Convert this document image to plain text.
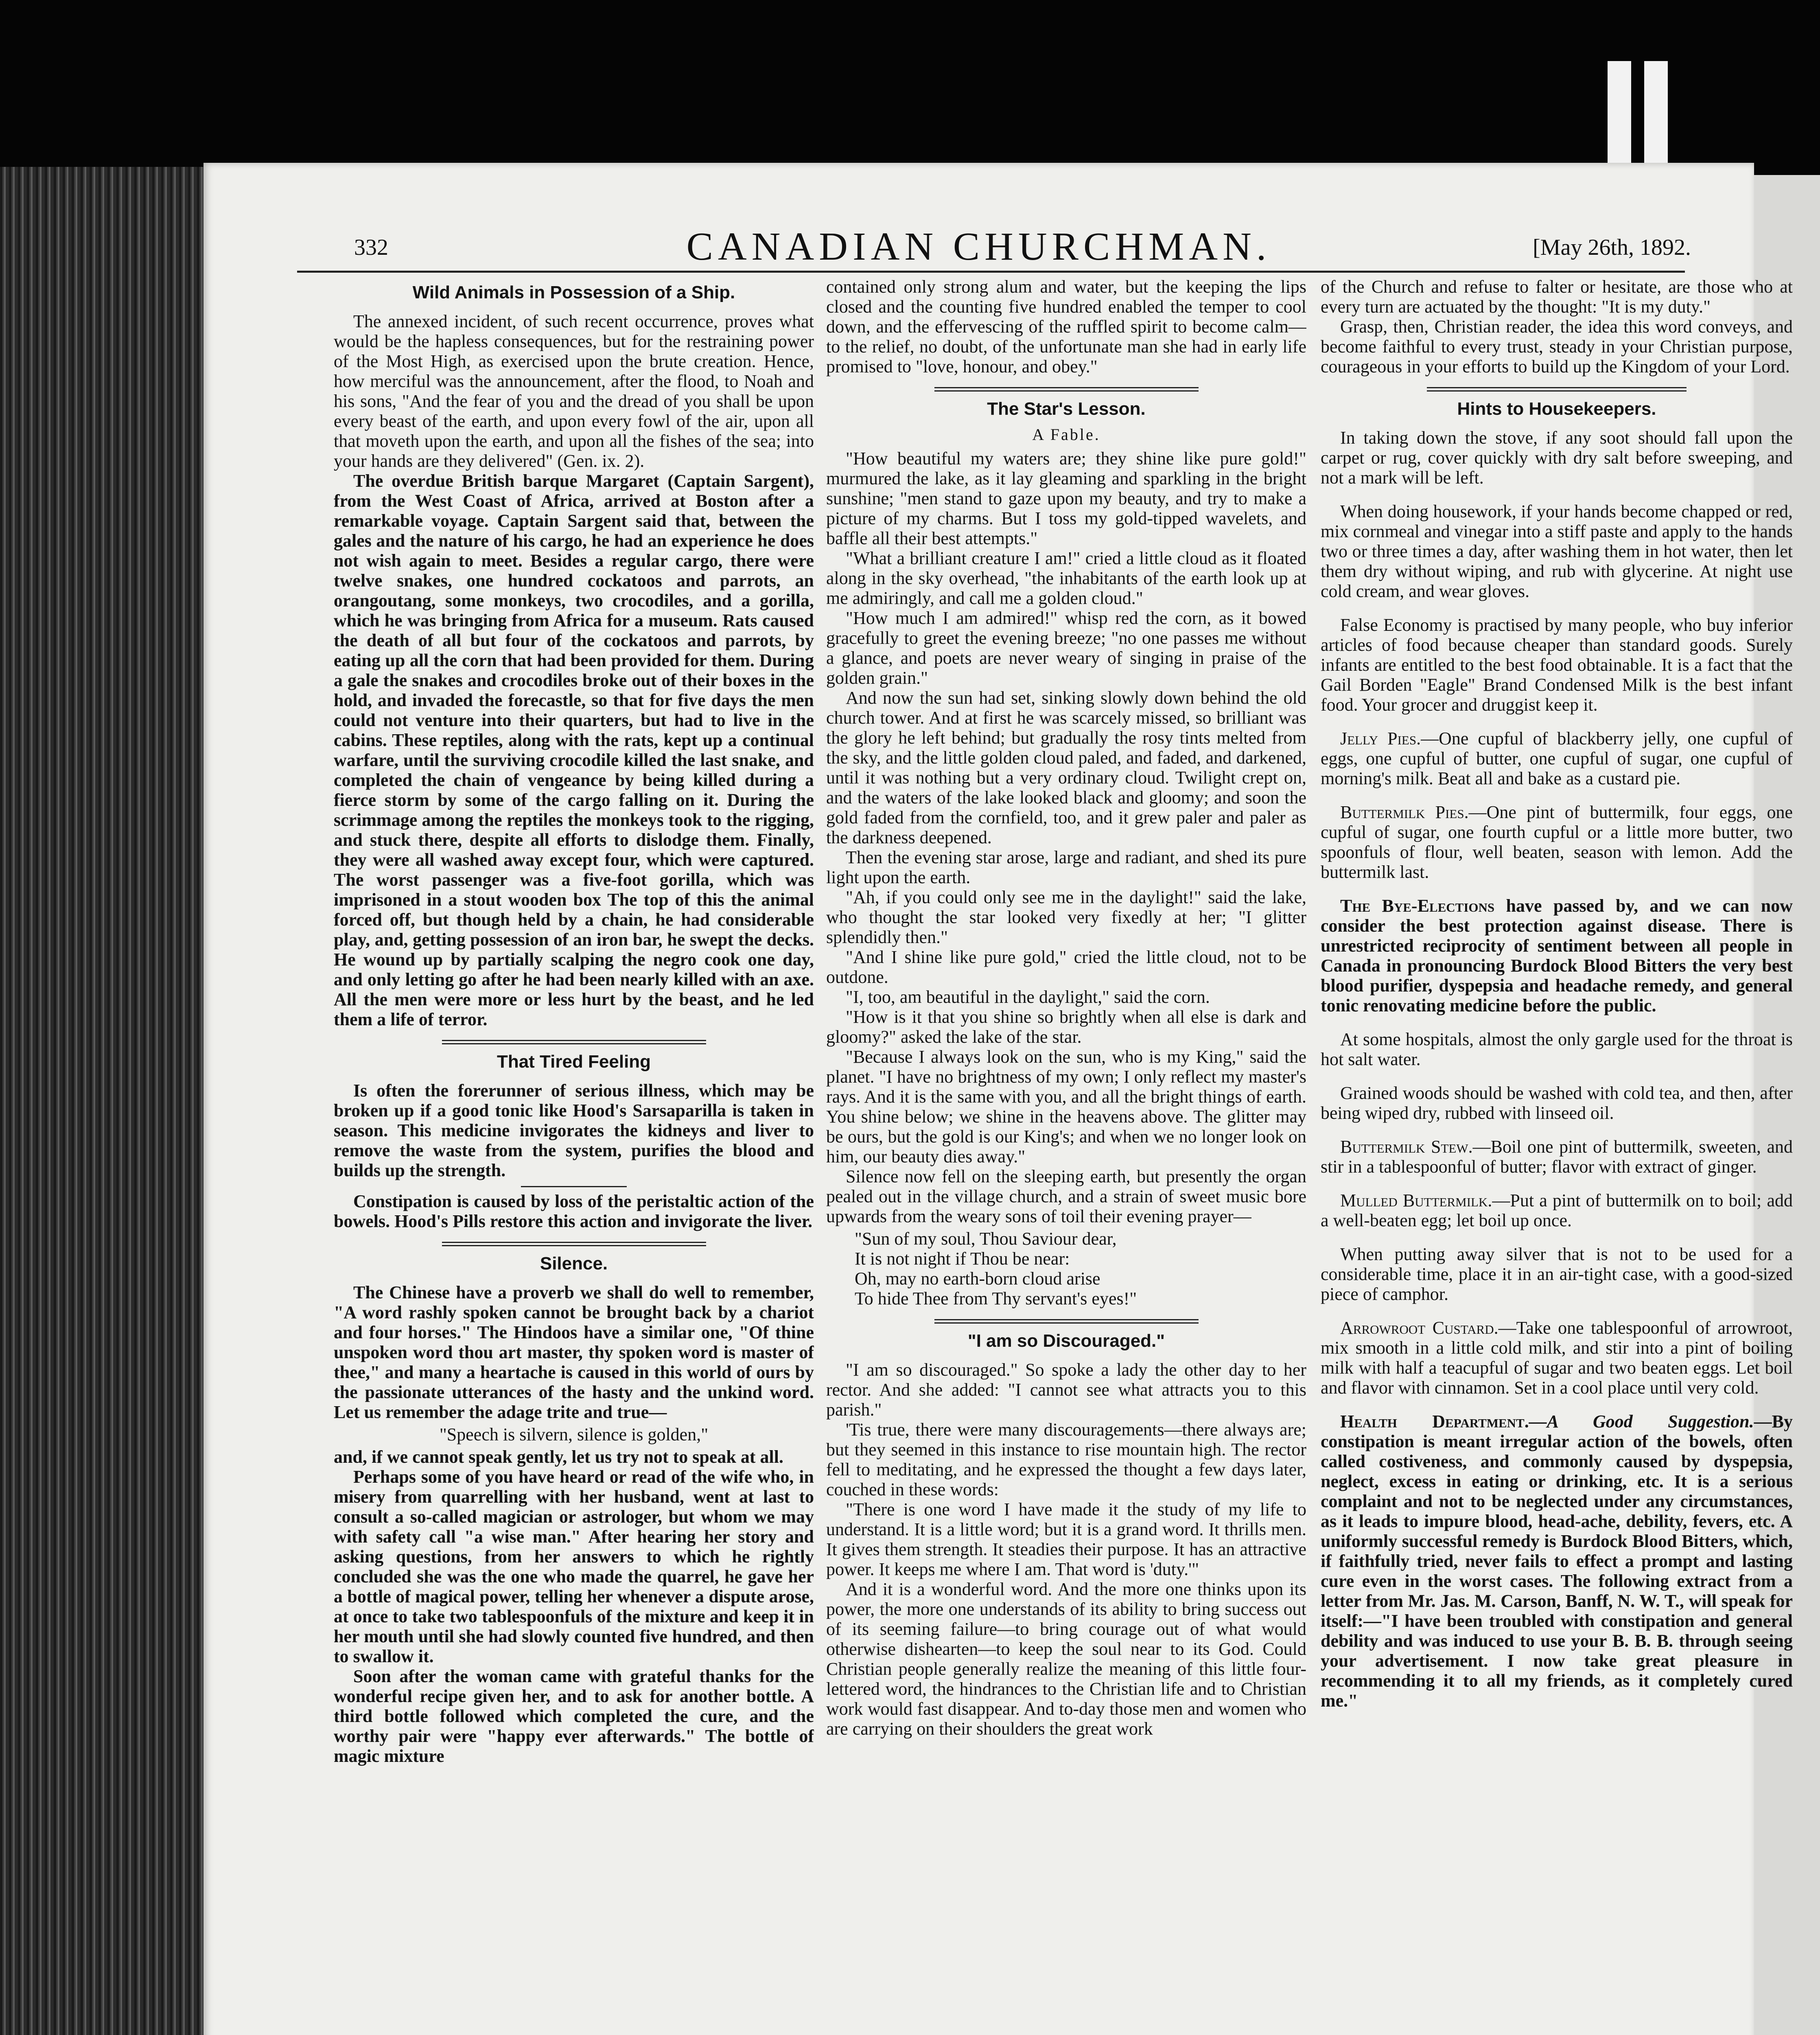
332	CANADIAN CHURCHMAN.	[May 26th, 1892.
Wild Animals in Possession of a Ship.

The annexed incident, of such recent occurrence, proves what would be the hapless consequences, but for the restraining power of the Most High, as exercised upon the brute creation. Hence, how merciful was the announcement, after the flood, to Noah and his sons, "And the fear of you and the dread of you shall be upon every beast of the earth, and upon every fowl of the air, upon all that moveth upon the earth, and upon all the fishes of the sea; into your hands are they delivered" (Gen. ix. 2).

The overdue British barque Margaret (Captain Sargent), from the West Coast of Africa, arrived at Boston after a remarkable voyage. Captain Sargent said that, between the gales and the nature of his cargo, he had an experience he does not wish again to meet. Besides a regular cargo, there were twelve snakes, one hundred cockatoos and parrots, an orangoutang, some monkeys, two crocodiles, and a gorilla, which he was bringing from Africa for a museum. Rats caused the death of all but four of the cockatoos and parrots, by eating up all the corn that had been provided for them. During a gale the snakes and crocodiles broke out of their boxes in the hold, and invaded the forecastle, so that for five days the men could not venture into their quarters, but had to live in the cabins. These reptiles, along with the rats, kept up a continual warfare, until the surviving crocodile killed the last snake, and completed the chain of vengeance by being killed during a fierce storm by some of the cargo falling on it. During the scrimmage among the reptiles the monkeys took to the rigging, and stuck there, despite all efforts to dislodge them. Finally, they were all washed away except four, which were captured. The worst passenger was a five-foot gorilla, which was imprisoned in a stout wooden box The top of this the animal forced off, but though held by a chain, he had considerable play, and, getting possession of an iron bar, he swept the decks. He wound up by partially scalping the negro cook one day, and only letting go after he had been nearly killed with an axe. All the men were more or less hurt by the beast, and he led them a life of terror.

That Tired Feeling

Is often the forerunner of serious illness, which may be broken up if a good tonic like Hood's Sarsaparilla is taken in season. This medicine invigorates the kidneys and liver to remove the waste from the system, purifies the blood and builds up the strength.

Constipation is caused by loss of the peristaltic action of the bowels. Hood's Pills restore this action and invigorate the liver.

Silence.

The Chinese have a proverb we shall do well to remember, "A word rashly spoken cannot be brought back by a chariot and four horses." The Hindoos have a similar one, "Of thine unspoken word thou art master, thy spoken word is master of thee," and many a heartache is caused in this world of ours by the passionate utterances of the hasty and the unkind word. Let us remember the adage trite and true—

"Speech is silvern, silence is golden,"

and, if we cannot speak gently, let us try not to speak at all.

Perhaps some of you have heard or read of the wife who, in misery from quarrelling with her husband, went at last to consult a so-called magician or astrologer, but whom we may with safety call "a wise man." After hearing her story and asking questions, from her answers to which he rightly concluded she was the one who made the quarrel, he gave her a bottle of magical power, telling her whenever a dispute arose, at once to take two tablespoonfuls of the mixture and keep it in her mouth until she had slowly counted five hundred, and then to swallow it.

Soon after the woman came with grateful thanks for the wonderful recipe given her, and to ask for another bottle. A third bottle followed which completed the cure, and the worthy pair were "happy ever afterwards." The bottle of magic mixture

contained only strong alum and water, but the keeping the lips closed and the counting five hundred enabled the temper to cool down, and the effervescing of the ruffled spirit to become calm—to the relief, no doubt, of the unfortunate man she had in early life promised to "love, honour, and obey."

The Star's Lesson.
A Fable.

"How beautiful my waters are; they shine like pure gold!" murmured the lake, as it lay gleaming and sparkling in the bright sunshine; "men stand to gaze upon my beauty, and try to make a picture of my charms. But I toss my gold-tipped wavelets, and baffle all their best attempts."

"What a brilliant creature I am!" cried a little cloud as it floated along in the sky overhead, "the inhabitants of the earth look up at me admiringly, and call me a golden cloud."

"How much I am admired!" whisp red the corn, as it bowed gracefully to greet the evening breeze; "no one passes me without a glance, and poets are never weary of singing in praise of the golden grain."

And now the sun had set, sinking slowly down behind the old church tower. And at first he was scarcely missed, so brilliant was the glory he left behind; but gradually the rosy tints melted from the sky, and the little golden cloud paled, and faded, and darkened, until it was nothing but a very ordinary cloud. Twilight crept on, and the waters of the lake looked black and gloomy; and soon the gold faded from the cornfield, too, and it grew paler and paler as the darkness deepened.

Then the evening star arose, large and radiant, and shed its pure light upon the earth.

"Ah, if you could only see me in the daylight!" said the lake, who thought the star looked very fixedly at her; "I glitter splendidly then."

"And I shine like pure gold," cried the little cloud, not to be outdone.

"I, too, am beautiful in the daylight," said the corn.

"How is it that you shine so brightly when all else is dark and gloomy?" asked the lake of the star.

"Because I always look on the sun, who is my King," said the planet. "I have no brightness of my own; I only reflect my master's rays. And it is the same with you, and all the bright things of earth. You shine below; we shine in the heavens above. The glitter may be ours, but the gold is our King's; and when we no longer look on him, our beauty dies away."

Silence now fell on the sleeping earth, but presently the organ pealed out in the village church, and a strain of sweet music bore upwards from the weary sons of toil their evening prayer—

"Sun of my soul, Thou Saviour dear,
It is not night if Thou be near:
Oh, may no earth-born cloud arise
To hide Thee from Thy servant's eyes!"
"I am so Discouraged."

"I am so discouraged." So spoke a lady the other day to her rector. And she added: "I cannot see what attracts you to this parish."

'Tis true, there were many discouragements—there always are; but they seemed in this instance to rise mountain high. The rector fell to meditating, and he expressed the thought a few days later, couched in these words:

"There is one word I have made it the study of my life to understand. It is a little word; but it is a grand word. It thrills men. It gives them strength. It steadies their purpose. It has an attractive power. It keeps me where I am. That word is 'duty.'"

And it is a wonderful word. And the more one thinks upon its power, the more one understands of its ability to bring success out of its seeming failure—to bring courage out of what would otherwise dishearten—to keep the soul near to its God. Could Christian people generally realize the meaning of this little four-lettered word, the hindrances to the Christian life and to Christian work would fast disappear. And to-day those men and women who are carrying on their shoulders the great work

of the Church and refuse to falter or hesitate, are those who at every turn are actuated by the thought: "It is my duty."

Grasp, then, Christian reader, the idea this word conveys, and become faithful to every trust, steady in your Christian purpose, courageous in your efforts to build up the Kingdom of your Lord.

Hints to Housekeepers.

In taking down the stove, if any soot should fall upon the carpet or rug, cover quickly with dry salt before sweeping, and not a mark will be left.

When doing housework, if your hands become chapped or red, mix cornmeal and vinegar into a stiff paste and apply to the hands two or three times a day, after washing them in hot water, then let them dry without wiping, and rub with glycerine. At night use cold cream, and wear gloves.

False Economy is practised by many people, who buy inferior articles of food because cheaper than standard goods. Surely infants are entitled to the best food obtainable. It is a fact that the Gail Borden "Eagle" Brand Condensed Milk is the best infant food. Your grocer and druggist keep it.

Jelly Pies.—One cupful of blackberry jelly, one cupful of eggs, one cupful of butter, one cupful of sugar, one cupful of morning's milk. Beat all and bake as a custard pie.

Buttermilk Pies.—One pint of buttermilk, four eggs, one cupful of sugar, one fourth cupful or a little more butter, two spoonfuls of flour, well beaten, season with lemon. Add the buttermilk last.

The Bye-Elections have passed by, and we can now consider the best protection against disease. There is unrestricted reciprocity of sentiment between all people in Canada in pronouncing Burdock Blood Bitters the very best blood purifier, dyspepsia and headache remedy, and general tonic renovating medicine before the public.

At some hospitals, almost the only gargle used for the throat is hot salt water.

Grained woods should be washed with cold tea, and then, after being wiped dry, rubbed with linseed oil.

Buttermilk Stew.—Boil one pint of buttermilk, sweeten, and stir in a tablespoonful of butter; flavor with extract of ginger.

Mulled Buttermilk.—Put a pint of buttermilk on to boil; add a well-beaten egg; let boil up once.

When putting away silver that is not to be used for a considerable time, place it in an air-tight case, with a good-sized piece of camphor.

Arrowroot Custard.—Take one tablespoonful of arrowroot, mix smooth in a little cold milk, and stir into a pint of boiling milk with half a teacupful of sugar and two beaten eggs. Let boil and flavor with cinnamon. Set in a cool place until very cold.

Health Department.—A Good Suggestion.—By constipation is meant irregular action of the bowels, often called costiveness, and commonly caused by dyspepsia, neglect, excess in eating or drinking, etc. It is a serious complaint and not to be neglected under any circumstances, as it leads to impure blood, head-ache, debility, fevers, etc. A uniformly successful remedy is Burdock Blood Bitters, which, if faithfully tried, never fails to effect a prompt and lasting cure even in the worst cases. The following extract from a letter from Mr. Jas. M. Carson, Banff, N. W. T., will speak for itself:—"I have been troubled with constipation and general debility and was induced to use your B. B. B. through seeing your advertisement. I now take great pleasure in recommending it to all my friends, as it completely cured me."
